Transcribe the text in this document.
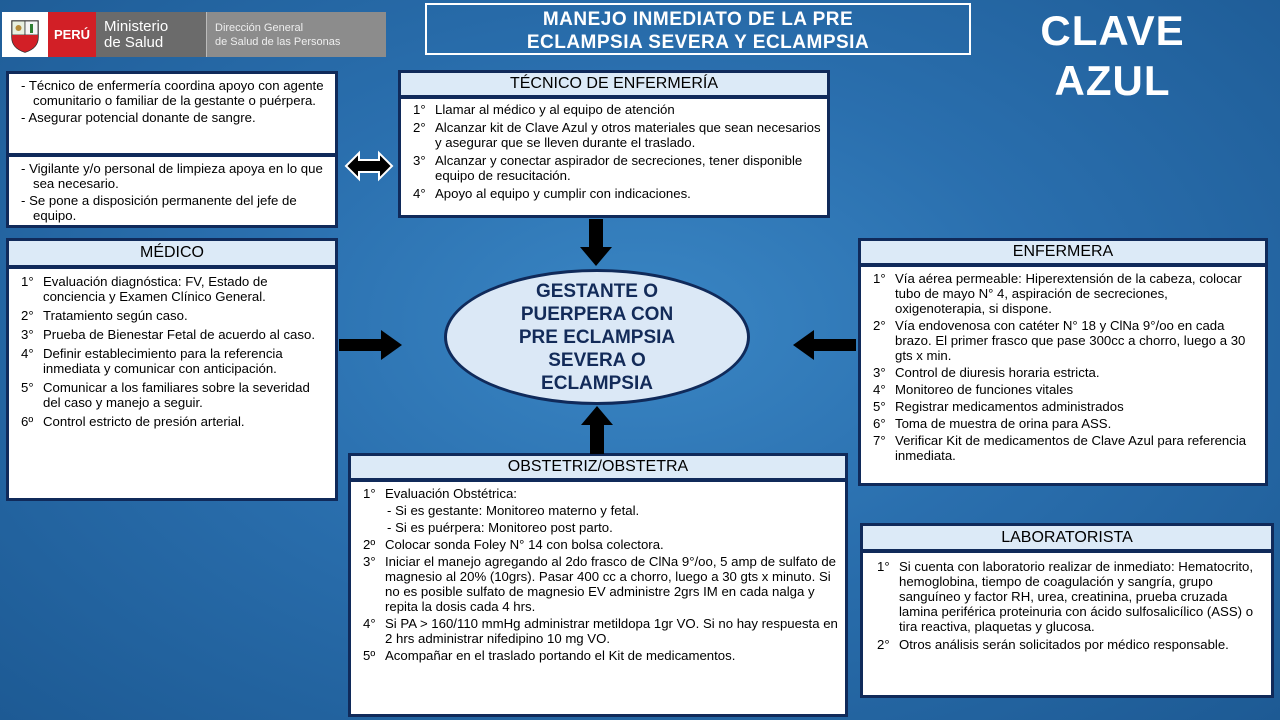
PERÚ Ministerio
de Salud
Dirección General
de Salud de las Personas
MANEJO INMEDIATO DE LA PRE
ECLAMPSIA SEVERA Y ECLAMPSIA	CLAVE
AZUL

- Técnico de enfermería coordina apoyo con agente comunitario o familiar de la gestante o puérpera.

- Asegurar potencial donante de sangre.

- Vigilante y/o personal de limpieza apoya en lo que sea necesario.

- Se pone a disposición permanente del jefe de equipo.

TÉCNICO DE ENFERMERÍA

1° Llamar al médico y al equipo de atención

2° Alcanzar kit de Clave Azul y otros materiales que sean necesarios y asegurar que se lleven durante el traslado.

3° Alcanzar y conectar aspirador de secreciones, tener disponible equipo de resucitación.

4° Apoyo al equipo y cumplir con indicaciones.

MÉDICO

1° Evaluación diagnóstica: FV, Estado de conciencia y Examen Clínico General.

2° Tratamiento según caso.

3° Prueba de Bienestar Fetal de acuerdo al caso.

4° Definir establecimiento para la referencia inmediata y comunicar con anticipación.

5° Comunicar a los familiares sobre la severidad del caso y manejo a seguir.

6º Control estricto de presión arterial.

GESTANTE O
PUERPERA CON
PRE ECLAMPSIA
SEVERA O
ECLAMPSIA
ENFERMERA

1° Vía aérea permeable: Hiperextensión de la cabeza, colocar tubo de mayo N° 4, aspiración de secreciones, oxigenoterapia, si dispone.

2° Vía endovenosa con catéter N° 18 y ClNa 9°/oo en cada brazo. El primer frasco que pase 300cc a chorro, luego a 30 gts x min.

3° Control de diuresis horaria estricta.

4° Monitoreo de funciones vitales

5° Registrar medicamentos administrados

6° Toma de muestra de orina para ASS.

7° Verificar Kit de medicamentos de Clave Azul para referencia inmediata.

OBSTETRIZ/OBSTETRA

1° Evaluación Obstétrica:

- Si es gestante: Monitoreo materno y fetal.

- Si es puérpera: Monitoreo post parto.

2º Colocar sonda Foley N° 14 con bolsa colectora.

3° Iniciar el manejo agregando al 2do frasco de ClNa 9°/oo, 5 amp de sulfato de magnesio al 20% (10grs). Pasar 400 cc a chorro, luego a 30 gts x minuto. Si no es posible sulfato de magnesio EV administre 2grs IM en cada nalga y repita la dosis cada 4 hrs.

4° Si PA > 160/110 mmHg administrar metildopa 1gr VO. Si no hay respuesta en 2 hrs administrar nifedipino 10 mg VO.

5º Acompañar en el traslado portando el Kit de medicamentos.

LABORATORISTA

1° Si cuenta con laboratorio realizar de inmediato: Hematocrito, hemoglobina, tiempo de coagulación y sangría, grupo sanguíneo y factor RH, urea, creatinina, prueba cruzada lamina periférica proteinuria con ácido sulfosalicílico (ASS) o tira reactiva, plaquetas y glucosa.

2° Otros análisis serán solicitados por médico responsable.
